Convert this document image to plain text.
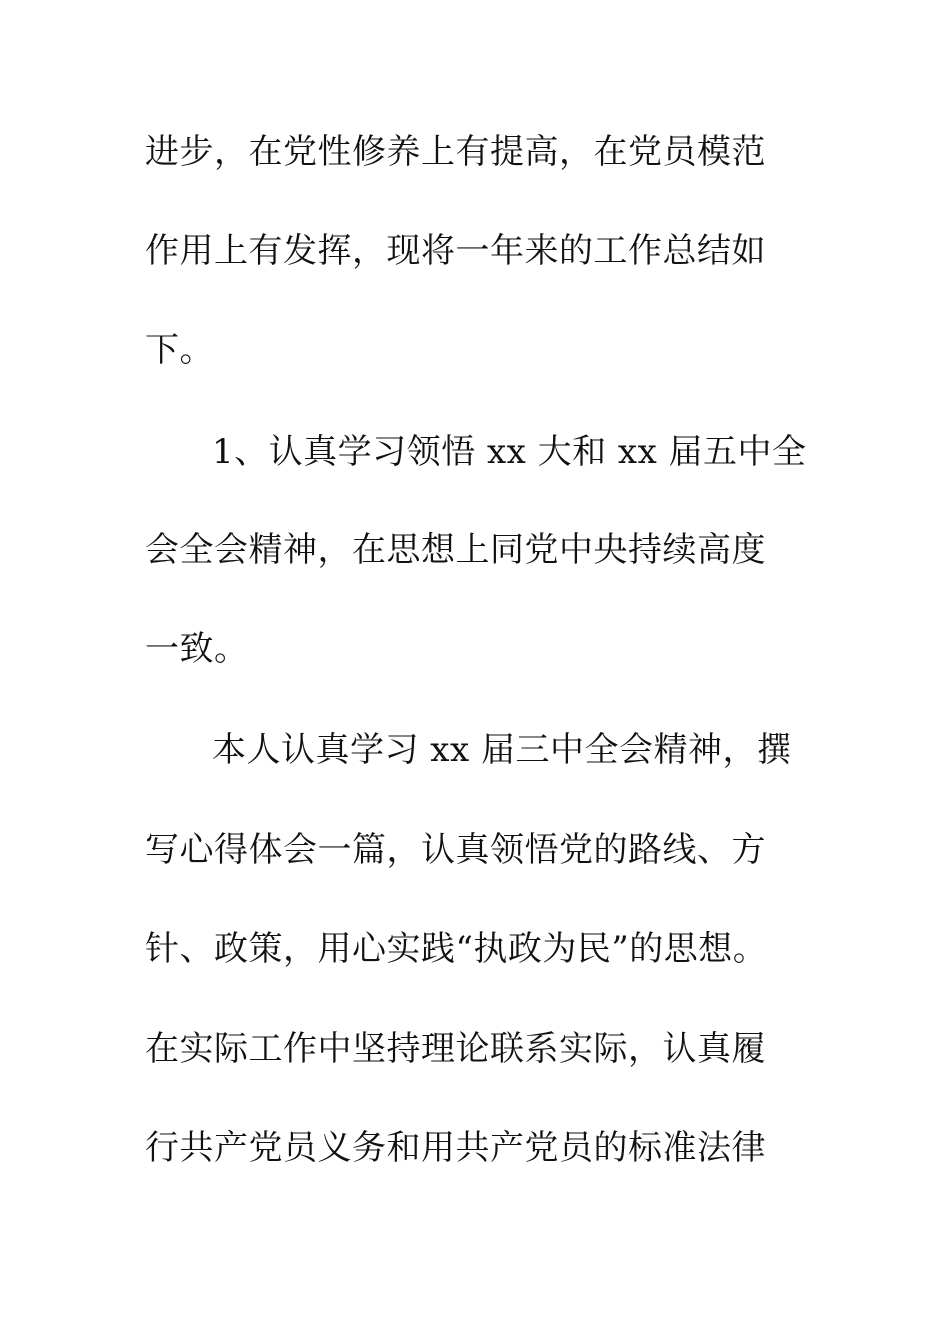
进步，在党性修养上有提高，在党员模范
作用上有发挥，现将一年来的工作总结如
下。
1、认真学习领悟 xx 大和 xx 届五中全
会全会精神，在思想上同党中央持续高度
一致。
本人认真学习 xx 届三中全会精神，撰
写心得体会一篇，认真领悟党的路线、方
针、政策，用心实践“执政为民”的思想。
在实际工作中坚持理论联系实际，认真履
行共产党员义务和用共产党员的标准法律
